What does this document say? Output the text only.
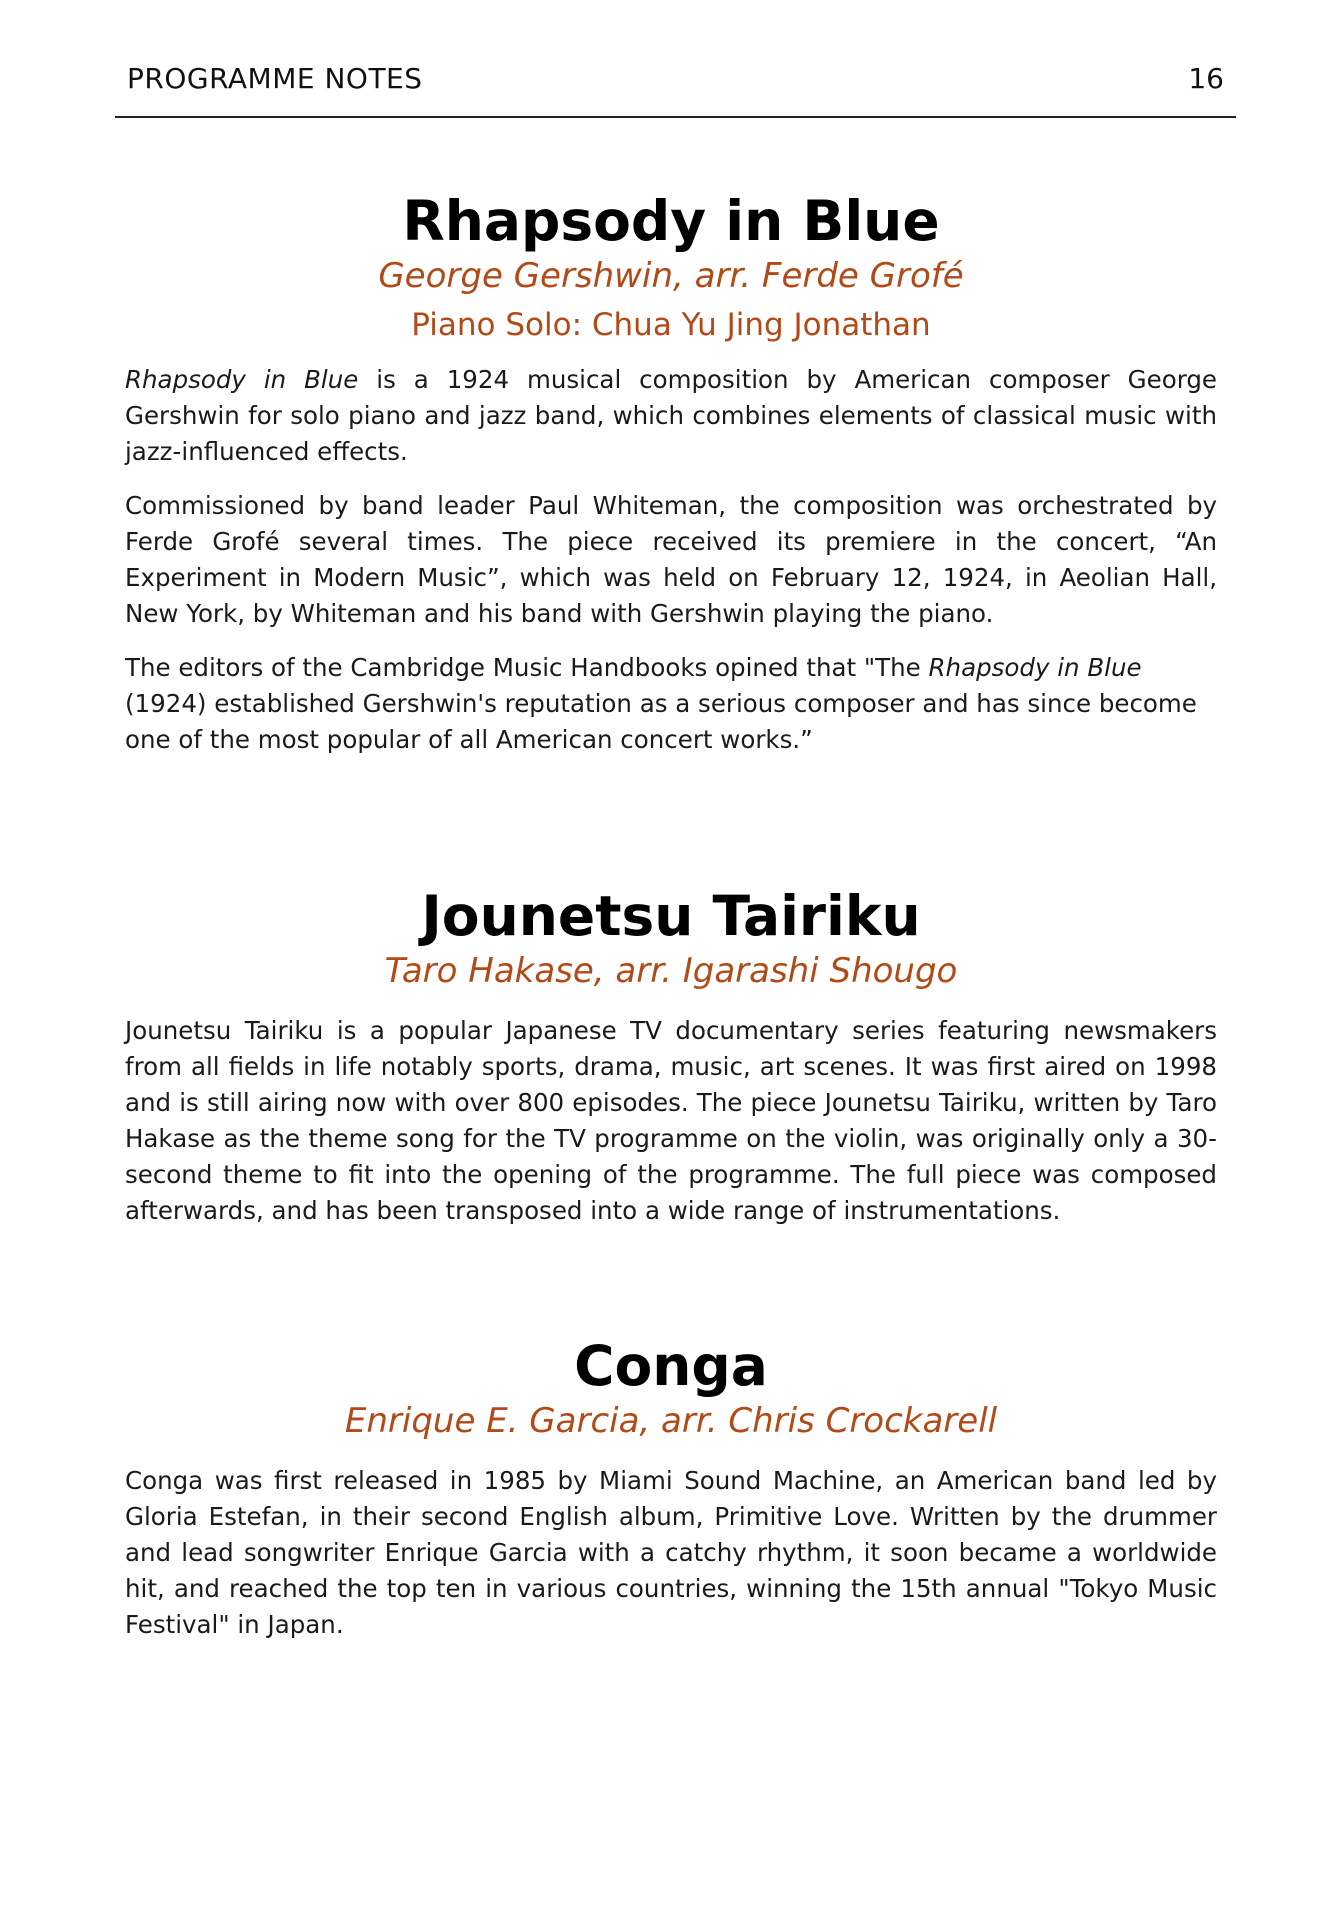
PROGRAMME NOTES	16
Rhapsody in Blue

George Gershwin, arr. Ferde Grofé

Piano Solo: Chua Yu Jing Jonathan

Rhapsody in Blue is a 1924 musical composition by American composer George Gershwin for solo piano and jazz band, which combines elements of classical music with jazz-influenced effects.

Commissioned by band leader Paul Whiteman, the composition was orchestrated by Ferde Grofé several times. The piece received its premiere in the concert, “An Experiment in Modern Music”, which was held on February 12, 1924, in Aeolian Hall, New York, by Whiteman and his band with Gershwin playing the piano.

The editors of the Cambridge Music Handbooks opined that "The Rhapsody in Blue (1924) established Gershwin's reputation as a serious composer and has since become one of the most popular of all American concert works.”

Jounetsu Tairiku

Taro Hakase, arr. Igarashi Shougo

Jounetsu Tairiku is a popular Japanese TV documentary series featuring newsmakers from all fields in life notably sports, drama, music, art scenes. It was first aired on 1998 and is still airing now with over 800 episodes. The piece Jounetsu Tairiku, written by Taro Hakase as the theme song for the TV programme on the violin, was originally only a 30-second theme to fit into the opening of the programme. The full piece was composed afterwards, and has been transposed into a wide range of instrumentations.

Conga

Enrique E. Garcia, arr. Chris Crockarell

Conga was first released in 1985 by Miami Sound Machine, an American band led by Gloria Estefan, in their second English album, Primitive Love. Written by the drummer and lead songwriter Enrique Garcia with a catchy rhythm, it soon became a worldwide hit, and reached the top ten in various countries, winning the 15th annual "Tokyo Music Festival" in Japan.
